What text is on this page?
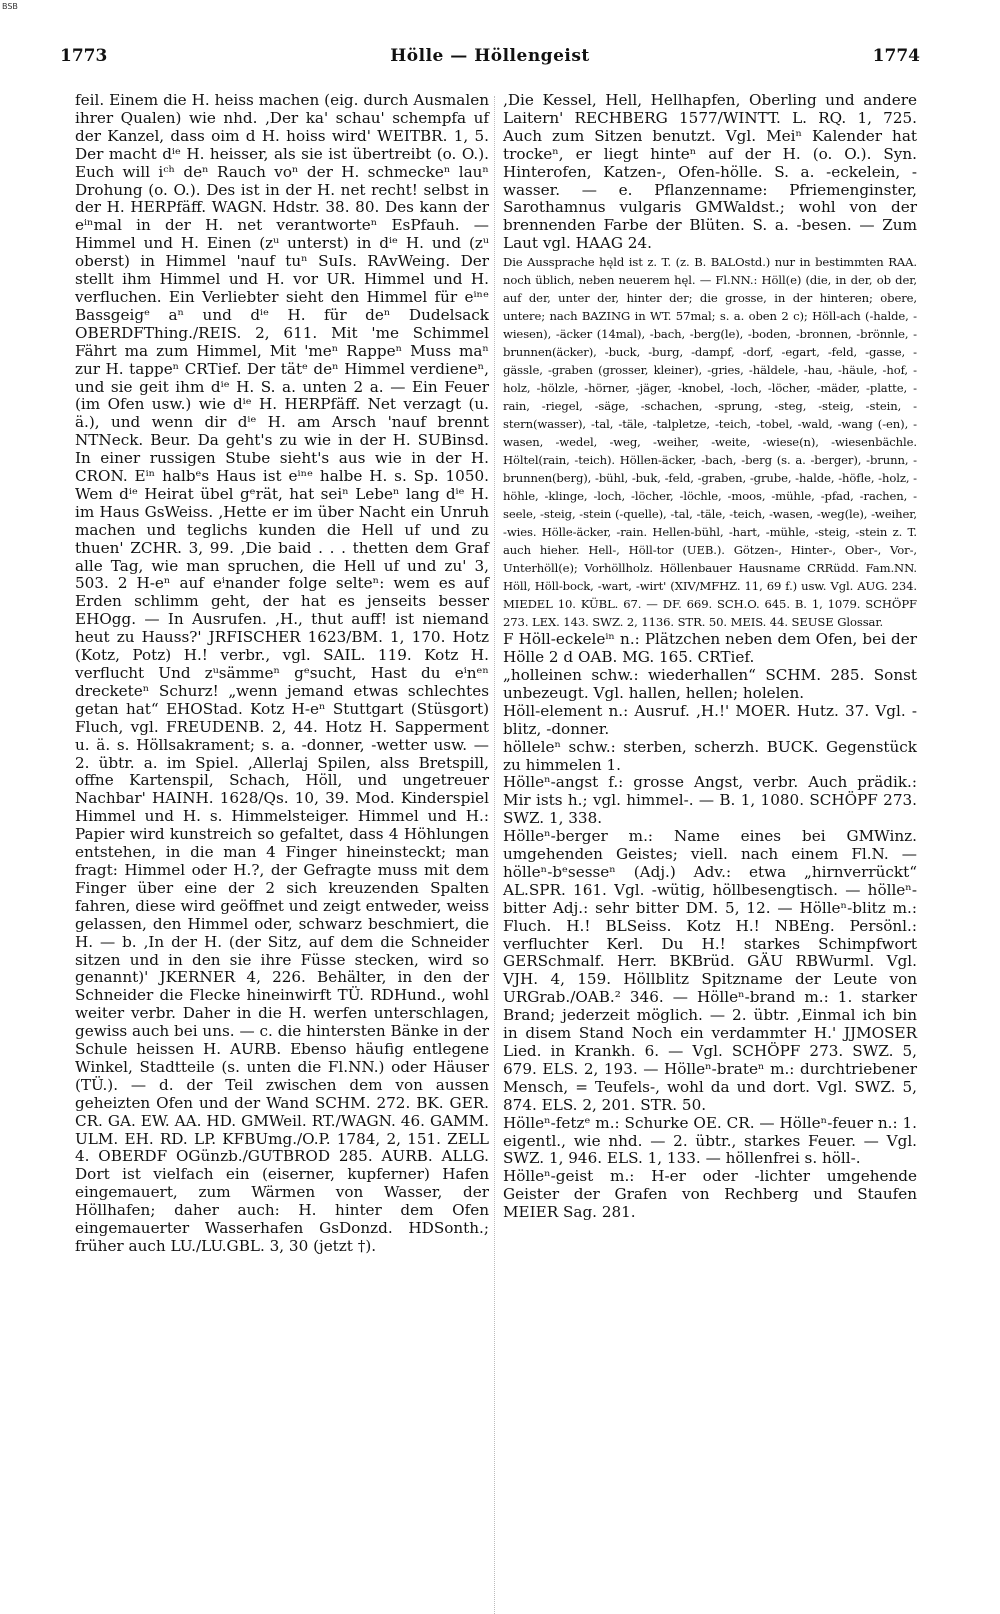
BSB
1773	Hölle — Höllengeist	1774

feil. Einem die H. heiss machen (eig. durch Ausmalen ihrer Qualen) wie nhd. ‚Der ka' schau' schempfa uf der Kanzel, dass oim d H. hoiss wird' WEITBR. 1, 5. Der macht dⁱᵉ H. heisser, als sie ist übertreibt (o. O.). Euch will iᶜʰ deⁿ Rauch voⁿ der H. schmeckeⁿ lauⁿ Drohung (o. O.). Des ist in der H. net recht! selbst in der H. HERPfäff. WAGN. Hdstr. 38. 80. Des kann der eⁱⁿmal in der H. net verantworteⁿ EsPfauh. — Himmel und H. Einen (zᵘ unterst) in dⁱᵉ H. und (zᵘ oberst) in Himmel 'nauf tuⁿ SuIs. RAvWeing. Der stellt ihm Himmel und H. vor UR. Himmel und H. verfluchen. Ein Verliebter sieht den Himmel für eⁱⁿᵉ Bassgeigᵉ aⁿ und dⁱᵉ H. für deⁿ Dudelsack OBERDFThing./REIS. 2, 611. Mit 'me Schimmel Fährt ma zum Himmel, Mit 'meⁿ Rappeⁿ Muss maⁿ zur H. tappeⁿ CRTief. Der tätᵉ deⁿ Himmel verdieneⁿ, und sie geit ihm dⁱᵉ H. S. a. unten 2 a. — Ein Feuer (im Ofen usw.) wie dⁱᵉ H. HERPfäff. Net verzagt (u. ä.), und wenn dir dⁱᵉ H. am Arsch 'nauf brennt NTNeck. Beur. Da geht's zu wie in der H. SUBinsd. In einer russigen Stube sieht's aus wie in der H. CRON. Eⁱⁿ halbᵉs Haus ist eⁱⁿᵉ halbe H. s. Sp. 1050. Wem dⁱᵉ Heirat übel gᵉrät, hat seiⁿ Lebeⁿ lang dⁱᵉ H. im Haus GsWeiss. ‚Hette er im über Nacht ein Unruh machen und teglichs kunden die Hell uf und zu thuen' ZCHR. 3, 99. ‚Die baid . . . thetten dem Graf alle Tag, wie man spruchen, die Hell uf und zu' 3, 503. 2 H-eⁿ auf eⁱnander folge selteⁿ: wem es auf Erden schlimm geht, der hat es jenseits besser EHOgg. — In Ausrufen. ‚H., thut auff! ist niemand heut zu Hauss?' JRFISCHER 1623/BM. 1, 170. Hotz (Kotz, Potz) H.! verbr., vgl. SAIL. 119. Kotz H. verflucht Und zᵘsämmeⁿ gᵉsucht, Hast du eⁱnᵉⁿ drecketeⁿ Schurz! „wenn jemand etwas schlechtes getan hat“ EHOStad. Kotz H-eⁿ Stuttgart (Stüsgort) Fluch, vgl. FREUDENB. 2, 44. Hotz H. Sapperment u. ä. s. Höllsakrament; s. a. -donner, -wetter usw. — 2. übtr. a. im Spiel. ‚Allerlaj Spilen, alss Bretspill, offne Kartenspil, Schach, Höll, und ungetreuer Nachbar' HAINH. 1628/Qs. 10, 39. Mod. Kinderspiel Himmel und H. s. Himmelsteiger. Himmel und H.: Papier wird kunstreich so gefaltet, dass 4 Höhlungen entstehen, in die man 4 Finger hineinsteckt; man fragt: Himmel oder H.?, der Gefragte muss mit dem Finger über eine der 2 sich kreuzenden Spalten fahren, diese wird geöffnet und zeigt entweder, weiss gelassen, den Himmel oder, schwarz beschmiert, die H. — b. ‚In der H. (der Sitz, auf dem die Schneider sitzen und in den sie ihre Füsse stecken, wird so genannt)' JKERNER 4, 226. Behälter, in den der Schneider die Flecke hineinwirft TÜ. RDHund., wohl weiter verbr. Daher in die H. werfen unterschlagen, gewiss auch bei uns. — c. die hintersten Bänke in der Schule heissen H. AURB. Ebenso häufig entlegene Winkel, Stadtteile (s. unten die Fl.NN.) oder Häuser (TÜ.). — d. der Teil zwischen dem von aussen geheizten Ofen und der Wand SCHM. 272. BK. GER. CR. GA. EW. AA. HD. GMWeil. RT./WAGN. 46. GAMM. ULM. EH. RD. LP. KFBUmg./O.P. 1784, 2, 151. ZELL 4. OBERDF OGünzb./GUTBROD 285. AURB. ALLG. Dort ist vielfach ein (eiserner, kupferner) Hafen eingemauert, zum Wärmen von Wasser, der Höllhafen; daher auch: H. hinter dem Ofen eingemauerter Wasserhafen GsDonzd. HDSonth.; früher auch LU./LU.GBL. 3, 30 (jetzt †).

‚Die Kessel, Hell, Hellhapfen, Oberling und andere Laitern' RECHBERG 1577/WINTT. L. RQ. 1, 725. Auch zum Sitzen benutzt. Vgl. Meiⁿ Kalender hat trockeⁿ, er liegt hinteⁿ auf der H. (o. O.). Syn. Hinterofen, Katzen-, Ofen-hölle. S. a. -eckelein, -wasser. — e. Pflanzenname: Pfriemenginster, Sarothamnus vulgaris GMWaldst.; wohl von der brennenden Farbe der Blüten. S. a. -besen. — Zum Laut vgl. HAAG 24.

Die Aussprache hęld ist z. T. (z. B. BALOstd.) nur in bestimmten RAA. noch üblich, neben neuerem hęl. — Fl.NN.: Höll(e) (die, in der, ob der, auf der, unter der, hinter der; die grosse, in der hinteren; obere, untere; nach BAZING in WT. 57mal; s. a. oben 2 c); Höll-ach (-halde, -wiesen), -äcker (14mal), -bach, -berg(le), -boden, -bronnen, -brönnle, -brunnen(äcker), -buck, -burg, -dampf, -dorf, -egart, -feld, -gasse, -gässle, -graben (grosser, kleiner), -gries, -häldele, -hau, -häule, -hof, -holz, -hölzle, -hörner, -jäger, -knobel, -loch, -löcher, -mäder, -platte, -rain, -riegel, -säge, -schachen, -sprung, -steg, -steig, -stein, -stern(wasser), -tal, -täle, -talpletze, -teich, -tobel, -wald, -wang (-en), -wasen, -wedel, -weg, -weiher, -weite, -wiese(n), -wiesenbächle. Höltel(rain, -teich). Höllen-äcker, -bach, -berg (s. a. -berger), -brunn, -brunnen(berg), -bühl, -buk, -feld, -graben, -grube, -halde, -höfle, -holz, -höhle, -klinge, -loch, -löcher, -löchle, -moos, -mühle, -pfad, -rachen, -seele, -steig, -stein (-quelle), -tal, -täle, -teich, -wasen, -weg(le), -weiher, -wies. Hölle-äcker, -rain. Hellen-bühl, -hart, -mühle, -steig, -stein z. T. auch hieher. Hell-, Höll-tor (UEB.). Götzen-, Hinter-, Ober-, Vor-, Unterhöll(e); Vorhöllholz. Höllenbauer Hausname CRRüdd. Fam.NN. Höll, Höll-bock, -wart, -wirt' (XIV/MFHZ. 11, 69 f.) usw. Vgl. AUG. 234. MIEDEL 10. KÜBL. 67. — DF. 669. SCH.O. 645. B. 1, 1079. SCHÖPF 273. LEX. 143. SWZ. 2, 1136. STR. 50. MEIS. 44. SEUSE Glossar.

F Höll-eckeleⁱⁿ n.: Plätzchen neben dem Ofen, bei der Hölle 2 d OAB. MG. 165. CRTief.

„holleinen schw.: wiederhallen“ SCHM. 285. Sonst unbezeugt. Vgl. hallen, hellen; holelen.

Höll-element n.: Ausruf. ‚H.!' MOER. Hutz. 37. Vgl. -blitz, -donner.

hölleleⁿ schw.: sterben, scherzh. BUCK. Gegenstück zu himmelen 1.

Hölleⁿ-angst f.: grosse Angst, verbr. Auch prädik.: Mir ists h.; vgl. himmel-. — B. 1, 1080. SCHÖPF 273. SWZ. 1, 338.

Hölleⁿ-berger m.: Name eines bei GMWinz. umgehenden Geistes; viell. nach einem Fl.N. — hölleⁿ-bᵉsesseⁿ (Adj.) Adv.: etwa „hirnverrückt“ AL.SPR. 161. Vgl. -wütig, höllbesengtisch. — hölleⁿ-bitter Adj.: sehr bitter DM. 5, 12. — Hölleⁿ-blitz m.: Fluch. H.! BLSeiss. Kotz H.! NBEng. Persönl.: verfluchter Kerl. Du H.! starkes Schimpfwort GERSchmalf. Herr. BKBrüd. GÄU RBWurml. Vgl. VJH. 4, 159. Höllblitz Spitzname der Leute von URGrab./OAB.² 346. — Hölleⁿ-brand m.: 1. starker Brand; jederzeit möglich. — 2. übtr. ‚Einmal ich bin in disem Stand Noch ein verdammter H.' JJMOSER Lied. in Krankh. 6. — Vgl. SCHÖPF 273. SWZ. 5, 679. ELS. 2, 193. — Hölleⁿ-brateⁿ m.: durchtriebener Mensch, = Teufels-, wohl da und dort. Vgl. SWZ. 5, 874. ELS. 2, 201. STR. 50.

Hölleⁿ-fetzᵉ m.: Schurke OE. CR. — Hölleⁿ-feuer n.: 1. eigentl., wie nhd. — 2. übtr., starkes Feuer. — Vgl. SWZ. 1, 946. ELS. 1, 133. — höllenfrei s. höll-.

Hölleⁿ-geist m.: H-er oder -lichter umgehende Geister der Grafen von Rechberg und Staufen MEIER Sag. 281.
